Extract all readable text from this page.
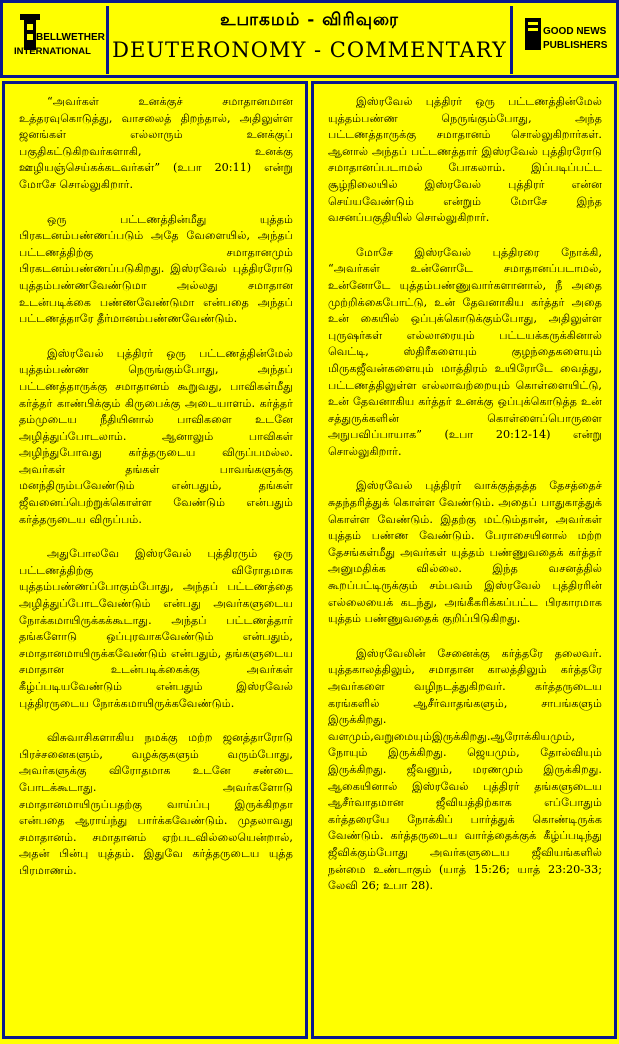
BELLWETHER
INTERNATIONAL
உபாகமம் - விரிவுரை
DEUTERONOMY - COMMENTARY
GOOD NEWS
PUBLISHERS

“அவர்கள் உனக்குச் சமாதானமான உத்தரவுகொடுத்து, வாசலைத் திறந்தால், அதிலுள்ள ஜனங்கள் எல்லாரும் உனக்குப் பகுதிகட்டுகிறவர்களாகி, உனக்கு ஊழியஞ்செய்கக்கடவர்கள்” (உபா 20:11) என்று மோசே சொல்லுகிறார்.

ஒரு பட்டணத்தின்மீது யுத்தம் பிரகடனம்பண்ணப்படும் அதே வேளையில், அந்தப் பட்டணத்திற்கு சமாதானமும் பிரகடனம்பண்ணப்படுகிறது. இஸ்ரவேல் புத்திரரோடு யுத்தம்பண்ணவேண்டுமா அல்லது சமாதான உடன்படிக்கை பண்ணவேண்டுமா என்பதை அந்தப் பட்டணத்தாரே தீர்மானம்பண்ணவேண்டும்.

இஸ்ரவேல் புத்திரர் ஒரு பட்டணத்தின்மேல் யுத்தம்பண்ண நெருங்கும்போது, அந்தப் பட்டணத்தாருக்கு சமாதானம் கூறுவது, பாவிகள்மீது கர்த்தர் காண்பிக்கும் கிருபைக்கு அடையாளம். கர்த்தர் தம்முடைய நீதியினால் பாவிகளை உடனே அழித்துப்போடலாம். ஆனாலும் பாவிகள் அழிந்துபோவது கர்த்தருடைய விருப்பமல்ல. அவர்கள் தங்கள் பாவங்களுக்கு மனந்திரும்பவேண்டும் என்பதும், தங்கள் ஜீவனைப்பெற்றுக்கொள்ள வேண்டும் என்பதும் கர்த்தருடைய விருப்பம்.

அதுபோலவே இஸ்ரவேல் புத்திரரும் ஒரு பட்டணத்திற்கு விரோதமாக யுத்தம்பண்ணப்போகும்போது, அந்தப் பட்டணத்தை அழித்துப்போடவேண்டும் என்பது அவர்களுடைய நோக்கமாயிருக்கக்கூடாது. அந்தப் பட்டணத்தார் தங்களோடு ஒப்புரவாகவேண்டும் என்பதும், சமாதானமாயிருக்கவேண்டும் என்பதும், தங்களுடைய சமாதான உடன்படிக்கைக்கு அவர்கள் கீழ்ப்படியவேண்டும் என்பதும் இஸ்ரவேல் புத்திரருடைய நோக்கமாயிருக்கவேண்டும்.

விசுவாசிகளாகிய நமக்கு மற்ற ஜனத்தாரோடு பிரச்சனைகளும், வழக்குகளும் வரும்போது, அவர்களுக்கு விரோதமாக உடனே சண்டை போடக்கூடாது. அவர்களோடு சமாதானமாயிருப்பதற்கு வாய்ப்பு இருக்கிறதா என்பதை ஆராய்ந்து பார்க்கவேண்டும். முதலாவது சமாதானம். சமாதானம் ஏற்படவில்லையென்றால், அதன் பின்பு யுத்தம். இதுவே கர்த்தருடைய யுத்த பிரமாணம்.

இஸ்ரவேல் புத்திரர் ஒரு பட்டணத்தின்மேல் யுத்தம்பண்ண நெருங்கும்போது, அந்த பட்டணத்தாருக்கு சமாதானம் சொல்லுகிறார்கள். ஆனால் அந்தப் பட்டணத்தார் இஸ்ரவேல் புத்திரரோடு சமாதானப்படாமல் போகலாம். இப்படிப்பட்ட சூழ்நிலையில் இஸ்ரவேல் புத்திரர் என்ன செய்யவேண்டும் என்றும் மோசே இந்த வசனப்பகுதியில் சொல்லுகிறார்.

மோசே இஸ்ரவேல் புத்திரரை நோக்கி, “அவர்கள் உன்னோடே சமாதானப்படாமல், உன்னோடே யுத்தம்பண்ணுவார்களானால், நீ அதை முற்றிக்கைபோட்டு, உன் தேவனாகிய கர்த்தர் அதை உன் கையில் ஒப்புக்கொடுக்கும்போது, அதிலுள்ள புருஷர்கள் எல்லாரையும் பட்டயக்கருக்கினால் வெட்டி, ஸ்திரீகளையும் குழந்தைகளையும் மிருகஜீவன்களையும் மாத்திரம் உயிரோடே வைத்து, பட்டணத்திலுள்ள எல்லாவற்றையும் கொள்ளையிட்டு, உன் தேவனாகிய கர்த்தர் உனக்கு ஒப்புக்கொடுத்த உன் சத்துருக்களின் கொள்ளைப்பொருளை அநுபவிப்பாயாக” (உபா 20:12-14) என்று சொல்லுகிறார்.

இஸ்ரவேல் புத்திரர் வாக்குத்தத்த தேசத்தைச் சுதந்தரித்துக் கொள்ள வேண்டும். அதைப் பாதுகாத்துக் கொள்ள வேண்டும். இதற்கு மட்டும்தான், அவர்கள் யுத்தம் பண்ண வேண்டும். பேராசையினால் மற்ற தேசங்கள்மீது அவர்கள் யுத்தம் பண்ணுவதைக் கர்த்தர் அனுமதிக்க வில்லை. இந்த வசனத்தில் கூறப்பட்டிருக்கும் சம்பவம் இஸ்ரவேல் புத்திரரின் எல்லையைக் கடந்து, அங்கீகரிக்கப்பட்ட பிரகாரமாக யுத்தம் பண்ணுவதைக் குறிப்பிடுகிறது.

இஸ்ரவேலின் சேனைக்கு கர்த்தரே தலைவர். யுத்தகாலத்திலும், சமாதான காலத்திலும் கர்த்தரே அவர்களை வழிநடத்துகிறவர். கர்த்தருடைய கரங்களில் ஆசீர்வாதங்களும், சாபங்களும் இருக்கிறது. வளமும்,வறுமையும்இருக்கிறது.ஆரோக்கியமும், நோயும் இருக்கிறது. ஜெயமும், தோல்வியும் இருக்கிறது. ஜீவனும், மரணமும் இருக்கிறது. ஆகையினால் இஸ்ரவேல் புத்திரர் தங்களுடைய ஆசீர்வாதமான ஜீவியத்திற்காக எப்போதும் கர்த்தரையே நோக்கிப் பார்த்துக் கொண்டிருக்க வேண்டும். கர்த்தருடைய வார்த்தைக்குக் கீழ்ப்படிந்து ஜீவிக்கும்போது அவர்களுடைய ஜீவியங்களில் நன்மை உண்டாகும் (யாத் 15:26; யாத் 23:20-33; லேவி 26; உபா 28).
